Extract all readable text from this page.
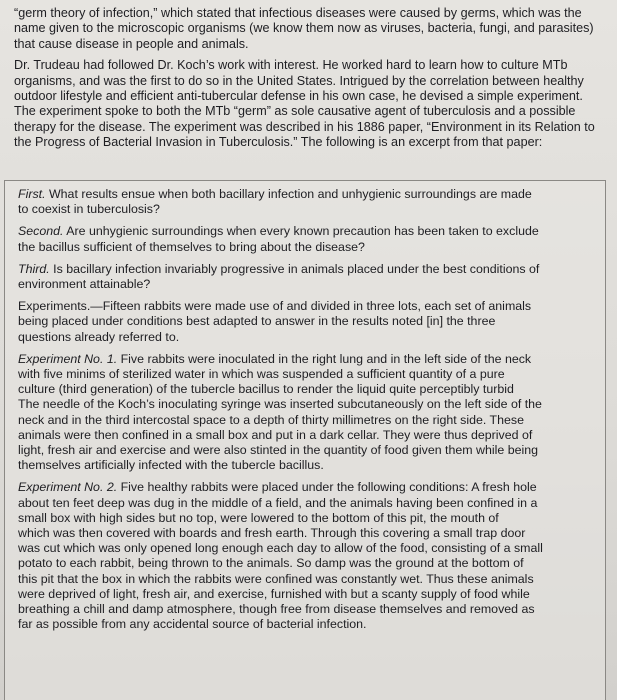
“germ theory of infection,” which stated that infectious diseases were caused by germs, which was the
name given to the microscopic organisms (we know them now as viruses, bacteria, fungi, and parasites)
that cause disease in people and animals.

Dr. Trudeau had followed Dr. Koch’s work with interest. He worked hard to learn how to culture MTb
organisms, and was the first to do so in the United States. Intrigued by the correlation between healthy
outdoor lifestyle and efficient anti-tubercular defense in his own case, he devised a simple experiment.
The experiment spoke to both the MTb “germ” as sole causative agent of tuberculosis and a possible
therapy for the disease. The experiment was described in his 1886 paper, “Environment in its Relation to
the Progress of Bacterial Invasion in Tuberculosis.” The following is an excerpt from that paper:

First. What results ensue when both bacillary infection and unhygienic surroundings are made
to coexist in tuberculosis?

Second. Are unhygienic surroundings when every known precaution has been taken to exclude
the bacillus sufficient of themselves to bring about the disease?

Third. Is bacillary infection invariably progressive in animals placed under the best conditions of
environment attainable?

Experiments.—Fifteen rabbits were made use of and divided in three lots, each set of animals
being placed under conditions best adapted to answer in the results noted [in] the three
questions already referred to.

Experiment No. 1. Five rabbits were inoculated in the right lung and in the left side of the neck
with five minims of sterilized water in which was suspended a sufficient quantity of a pure
culture (third generation) of the tubercle bacillus to render the liquid quite perceptibly turbid
The needle of the Koch’s inoculating syringe was inserted subcutaneously on the left side of the
neck and in the third intercostal space to a depth of thirty millimetres on the right side. These
animals were then confined in a small box and put in a dark cellar. They were thus deprived of
light, fresh air and exercise and were also stinted in the quantity of food given them while being
themselves artificially infected with the tubercle bacillus.

Experiment No. 2. Five healthy rabbits were placed under the following conditions: A fresh hole
about ten feet deep was dug in the middle of a field, and the animals having been confined in a
small box with high sides but no top, were lowered to the bottom of this pit, the mouth of
which was then covered with boards and fresh earth. Through this covering a small trap door
was cut which was only opened long enough each day to allow of the food, consisting of a small
potato to each rabbit, being thrown to the animals. So damp was the ground at the bottom of
this pit that the box in which the rabbits were confined was constantly wet. Thus these animals
were deprived of light, fresh air, and exercise, furnished with but a scanty supply of food while
breathing a chill and damp atmosphere, though free from disease themselves and removed as
far as possible from any accidental source of bacterial infection.
